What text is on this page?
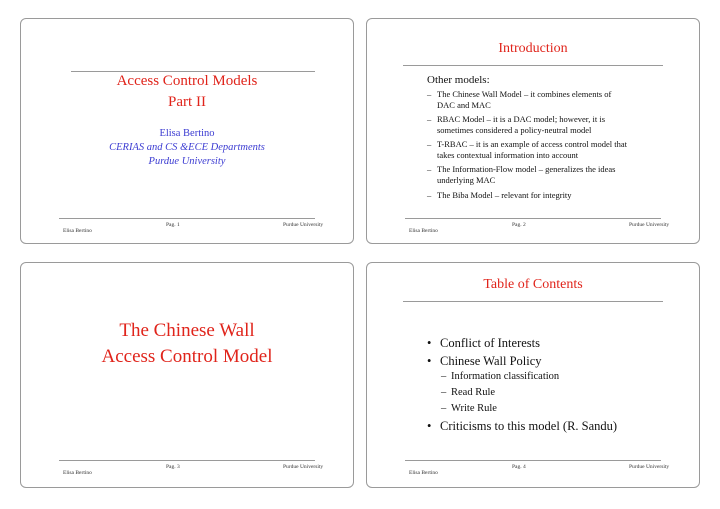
Access Control Models
Part II
Elisa Bertino
CERIAS and CS &ECE Departments
Purdue University
Elisa Bertino
Pag. 1	Purdue University
Introduction
Other models:
– The Chinese Wall Model – it combines elements of
DAC and MAC
– RBAC Model – it is a DAC model; however, it is
sometimes considered a policy-neutral model
– T-RBAC – it is an example of access control model that
takes contextual information into account
– The Information-Flow model – generalizes the ideas
underlying MAC
– The Biba Model – relevant for integrity
Elisa Bertino
Pag. 2	Purdue University
The Chinese Wall
Access Control Model
Elisa Bertino
Pag. 3	Purdue University
Table of Contents
• Conflict of Interests
• Chinese Wall Policy
– Information classification
– Read Rule
– Write Rule
• Criticisms to this model (R. Sandu)
Elisa Bertino
Pag. 4	Purdue University
